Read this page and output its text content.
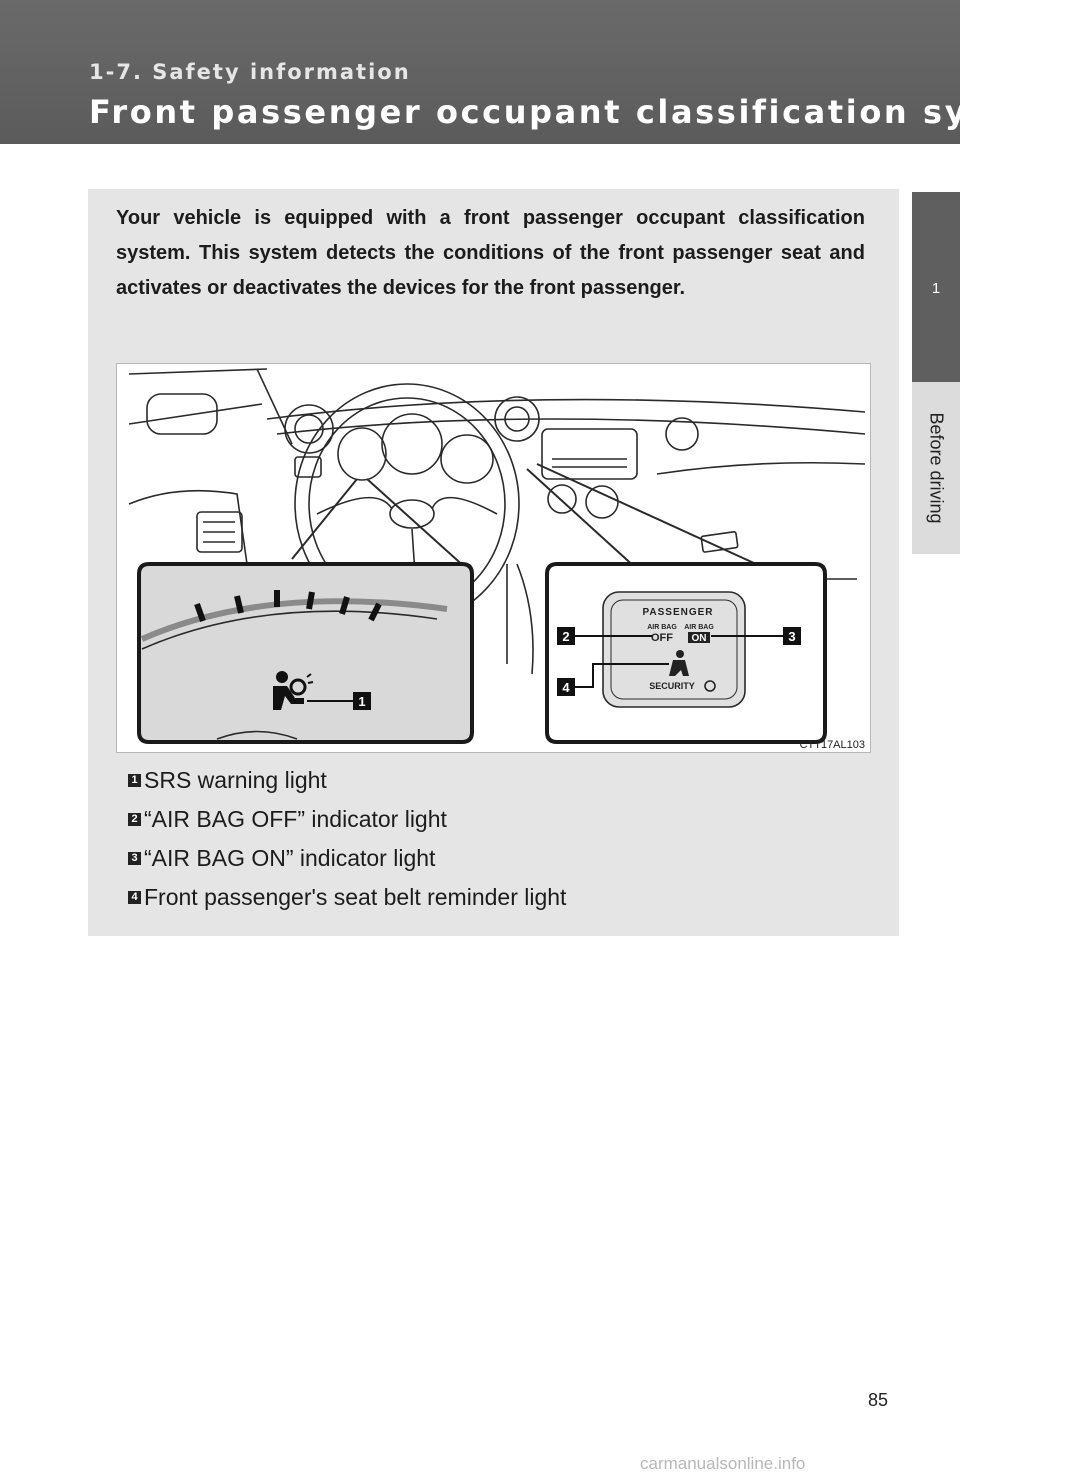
1-7. Safety information
Front passenger occupant classification system
1
Before driving

Your vehicle is equipped with a front passenger occupant classification system. This system detects the conditions of the front passenger seat and activates or deactivates the devices for the front passenger.

1
PASSENGER
AIR BAG
OFF
AIR BAG
ON
SECURITY
2	3
4
CTT17AL103
1 SRS warning light
2 “AIR BAG OFF” indicator light
3 “AIR BAG ON” indicator light
4 Front passenger's seat belt reminder light
85
carmanualsonline.info
